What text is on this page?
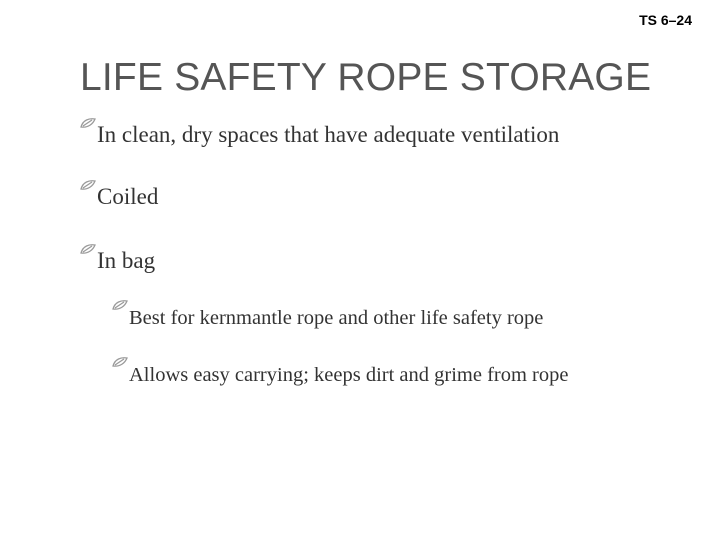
TS 6–24
LIFE SAFETY ROPE STORAGE
In clean, dry spaces that have adequate ventilation
Coiled
In bag
Best for kernmantle rope and other life safety rope
Allows easy carrying; keeps dirt and grime from rope
